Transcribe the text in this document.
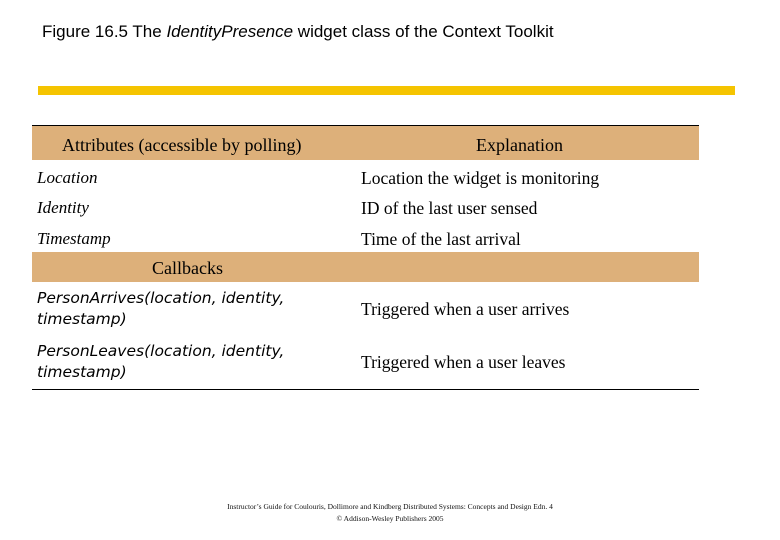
Figure 16.5 The IdentityPresence widget class of the Context Toolkit
Attributes (accessible by polling)	Explanation
Location	Location the widget is monitoring
Identity	ID of the last user sensed
Timestamp	Time of the last arrival
Callbacks
PersonArrives(location, identity, timestamp)	Triggered when a user arrives
PersonLeaves(location, identity, timestamp)	Triggered when a user leaves
Instructor’s Guide for Coulouris, Dollimore and Kindberg Distributed Systems: Concepts and Design Edn. 4
© Addison-Wesley Publishers 2005
